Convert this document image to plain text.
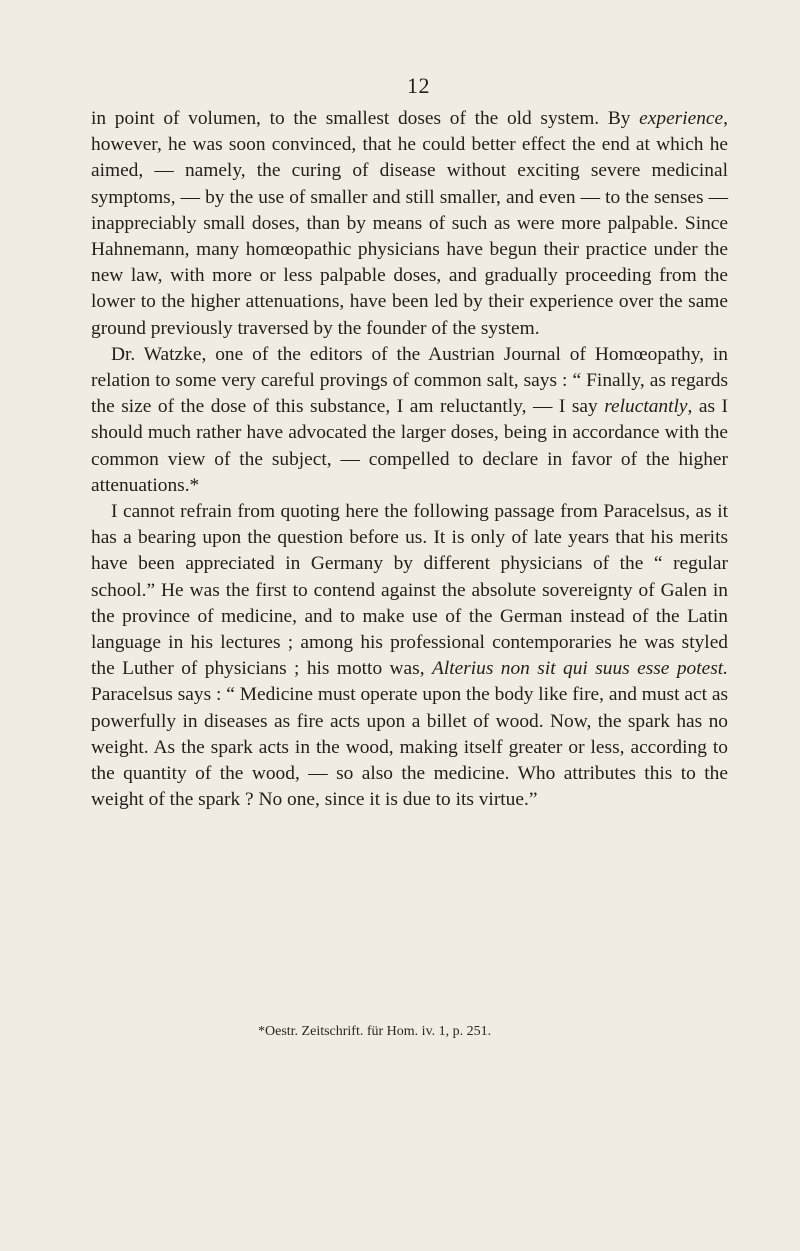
12

in point of volumen, to the smallest doses of the old system. By experience, however, he was soon convinced, that he could better effect the end at which he aimed, — namely, the curing of disease without exciting severe medicinal symptoms, — by the use of smaller and still smaller, and even — to the senses — inappreciably small doses, than by means of such as were more palpable. Since Hahnemann, many homœopathic physicians have begun their practice under the new law, with more or less palpable doses, and gradually proceeding from the lower to the higher attenuations, have been led by their experience over the same ground previously traversed by the founder of the system.

Dr. Watzke, one of the editors of the Austrian Journal of Homœopathy, in relation to some very careful provings of common salt, says : “ Finally, as regards the size of the dose of this substance, I am reluctantly, — I say reluctantly, as I should much rather have advocated the larger doses, being in accordance with the common view of the subject, — compelled to declare in favor of the higher attenuations.*

I cannot refrain from quoting here the following passage from Paracelsus, as it has a bearing upon the question before us. It is only of late years that his merits have been appreciated in Germany by different physicians of the “ regular school.” He was the first to contend against the absolute sovereignty of Galen in the province of medicine, and to make use of the German instead of the Latin language in his lectures ; among his professional contemporaries he was styled the Luther of physicians ; his motto was, Alterius non sit qui suus esse potest. Paracelsus says : “ Medicine must operate upon the body like fire, and must act as powerfully in diseases as fire acts upon a billet of wood. Now, the spark has no weight. As the spark acts in the wood, making itself greater or less, according to the quantity of the wood, — so also the medicine. Who attributes this to the weight of the spark ? No one, since it is due to its virtue.”

*Oestr. Zeitschrift. für Hom. iv. 1, p. 251.
